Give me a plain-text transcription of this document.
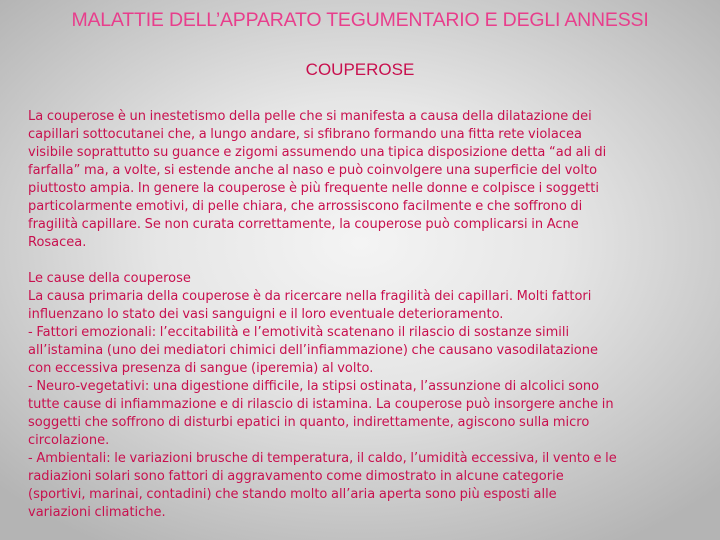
MALATTIE DELL’APPARATO TEGUMENTARIO E DEGLI ANNESSI
COUPEROSE

La couperose è un inestetismo della pelle che si manifesta a causa della dilatazione dei
capillari sottocutanei che, a lungo andare, si sfibrano formando una fitta rete violacea
visibile soprattutto su guance e zigomi assumendo una tipica disposizione detta “ad ali di
farfalla” ma, a volte, si estende anche al naso e può coinvolgere una superficie del volto
piuttosto ampia. In genere la couperose è più frequente nelle donne e colpisce i soggetti
particolarmente emotivi, di pelle chiara, che arrossiscono facilmente e che soffrono di
fragilità capillare. Se non curata correttamente, la couperose può complicarsi in Acne
Rosacea.

Le cause della couperose

La causa primaria della couperose è da ricercare nella fragilità dei capillari. Molti fattori
influenzano lo stato dei vasi sanguigni e il loro eventuale deterioramento.

- Fattori emozionali: l’eccitabilità e l’emotività scatenano il rilascio di sostanze simili
all’istamina (uno dei mediatori chimici dell’infiammazione) che causano vasodilatazione
con eccessiva presenza di sangue (iperemia) al volto.

- Neuro-vegetativi: una digestione difficile, la stipsi ostinata, l’assunzione di alcolici sono
tutte cause di infiammazione e di rilascio di istamina. La couperose può insorgere anche in
soggetti che soffrono di disturbi epatici in quanto, indirettamente, agiscono sulla micro
circolazione.

- Ambientali: le variazioni brusche di temperatura, il caldo, l’umidità eccessiva, il vento e le
radiazioni solari sono fattori di aggravamento come dimostrato in alcune categorie
(sportivi, marinai, contadini) che stando molto all’aria aperta sono più esposti alle
variazioni climatiche.
